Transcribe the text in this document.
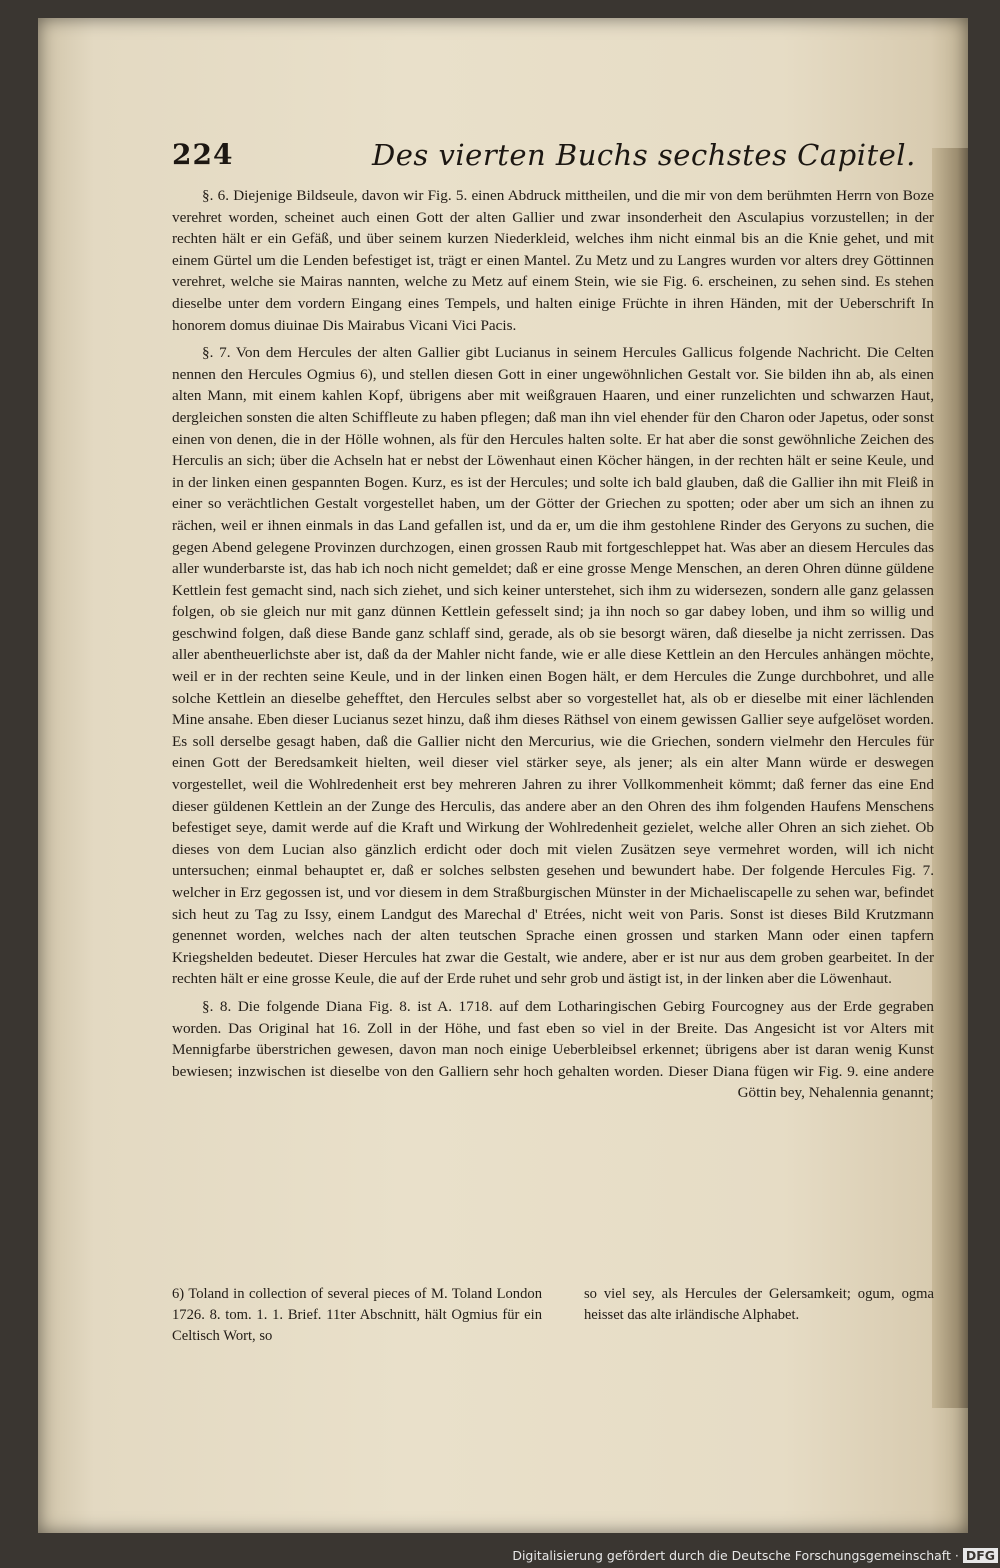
224	Des vierten Buchs sechstes Capitel.

§. 6. Diejenige Bildseule, davon wir Fig. 5. einen Abdruck mittheilen, und die mir von dem berühmten Herrn von Boze verehret worden, scheinet auch einen Gott der alten Gallier und zwar insonderheit den Asculapius vorzustellen; in der rechten hält er ein Gefäß, und über seinem kurzen Niederkleid, welches ihm nicht einmal bis an die Knie gehet, und mit einem Gürtel um die Lenden befestiget ist, trägt er einen Mantel. Zu Metz und zu Langres wurden vor alters drey Göttinnen verehret, welche sie Mairas nannten, welche zu Metz auf einem Stein, wie sie Fig. 6. erscheinen, zu sehen sind. Es stehen dieselbe unter dem vordern Eingang eines Tempels, und halten einige Früchte in ihren Händen, mit der Ueberschrift In honorem domus diuinae Dis Mairabus Vicani Vici Pacis.

§. 7. Von dem Hercules der alten Gallier gibt Lucianus in seinem Hercules Gallicus folgende Nachricht. Die Celten nennen den Hercules Ogmius 6), und stellen diesen Gott in einer ungewöhnlichen Gestalt vor. Sie bilden ihn ab, als einen alten Mann, mit einem kahlen Kopf, übrigens aber mit weißgrauen Haaren, und einer runzelichten und schwarzen Haut, dergleichen sonsten die alten Schiffleute zu haben pflegen; daß man ihn viel ehender für den Charon oder Japetus, oder sonst einen von denen, die in der Hölle wohnen, als für den Hercules halten solte. Er hat aber die sonst gewöhnliche Zeichen des Herculis an sich; über die Achseln hat er nebst der Löwenhaut einen Köcher hängen, in der rechten hält er seine Keule, und in der linken einen gespannten Bogen. Kurz, es ist der Hercules; und solte ich bald glauben, daß die Gallier ihn mit Fleiß in einer so verächtlichen Gestalt vorgestellet haben, um der Götter der Griechen zu spotten; oder aber um sich an ihnen zu rächen, weil er ihnen einmals in das Land gefallen ist, und da er, um die ihm gestohlene Rinder des Geryons zu suchen, die gegen Abend gelegene Provinzen durchzogen, einen grossen Raub mit fortgeschleppet hat. Was aber an diesem Hercules das aller wunderbarste ist, das hab ich noch nicht gemeldet; daß er eine grosse Menge Menschen, an deren Ohren dünne güldene Kettlein fest gemacht sind, nach sich ziehet, und sich keiner unterstehet, sich ihm zu widersezen, sondern alle ganz gelassen folgen, ob sie gleich nur mit ganz dünnen Kettlein gefesselt sind; ja ihn noch so gar dabey loben, und ihm so willig und geschwind folgen, daß diese Bande ganz schlaff sind, gerade, als ob sie besorgt wären, daß dieselbe ja nicht zerrissen. Das aller abentheuerlichste aber ist, daß da der Mahler nicht fande, wie er alle diese Kettlein an den Hercules anhängen möchte, weil er in der rechten seine Keule, und in der linken einen Bogen hält, er dem Hercules die Zunge durchbohret, und alle solche Kettlein an dieselbe gehefftet, den Hercules selbst aber so vorgestellet hat, als ob er dieselbe mit einer lächlenden Mine ansahe. Eben dieser Lucianus sezet hinzu, daß ihm dieses Räthsel von einem gewissen Gallier seye aufgelöset worden. Es soll derselbe gesagt haben, daß die Gallier nicht den Mercurius, wie die Griechen, sondern vielmehr den Hercules für einen Gott der Beredsamkeit hielten, weil dieser viel stärker seye, als jener; als ein alter Mann würde er deswegen vorgestellet, weil die Wohlredenheit erst bey mehreren Jahren zu ihrer Vollkommenheit kömmt; daß ferner das eine End dieser güldenen Kettlein an der Zunge des Herculis, das andere aber an den Ohren des ihm folgenden Haufens Menschens befestiget seye, damit werde auf die Kraft und Wirkung der Wohlredenheit gezielet, welche aller Ohren an sich ziehet. Ob dieses von dem Lucian also gänzlich erdicht oder doch mit vielen Zusätzen seye vermehret worden, will ich nicht untersuchen; einmal behauptet er, daß er solches selbsten gesehen und bewundert habe. Der folgende Hercules Fig. 7. welcher in Erz gegossen ist, und vor diesem in dem Straßburgischen Münster in der Michaeliscapelle zu sehen war, befindet sich heut zu Tag zu Issy, einem Landgut des Marechal d' Etrées, nicht weit von Paris. Sonst ist dieses Bild Krutzmann genennet worden, welches nach der alten teutschen Sprache einen grossen und starken Mann oder einen tapfern Kriegshelden bedeutet. Dieser Hercules hat zwar die Gestalt, wie andere, aber er ist nur aus dem groben gearbeitet. In der rechten hält er eine grosse Keule, die auf der Erde ruhet und sehr grob und ästigt ist, in der linken aber die Löwenhaut.

§. 8. Die folgende Diana Fig. 8. ist A. 1718. auf dem Lotharingischen Gebirg Fourcogney aus der Erde gegraben worden. Das Original hat 16. Zoll in der Höhe, und fast eben so viel in der Breite. Das Angesicht ist vor Alters mit Mennigfarbe überstrichen gewesen, davon man noch einige Ueberbleibsel erkennet; übrigens aber ist daran wenig Kunst bewiesen; inzwischen ist dieselbe von den Galliern sehr hoch gehalten worden. Dieser Diana fügen wir Fig. 9. eine andere Göttin bey, Nehalennia genannt;

6) Toland in collection of several pieces of M. Toland London 1726. 8. tom. 1. 1. Brief. 11ter Abschnitt, hält Ogmius für ein Celtisch Wort, so
so viel sey, als Hercules der Gelersamkeit; ogum, ogma heisset das alte irländische Alphabet.
Digitalisierung gefördert durch die Deutsche Forschungsgemeinschaft · DFG
